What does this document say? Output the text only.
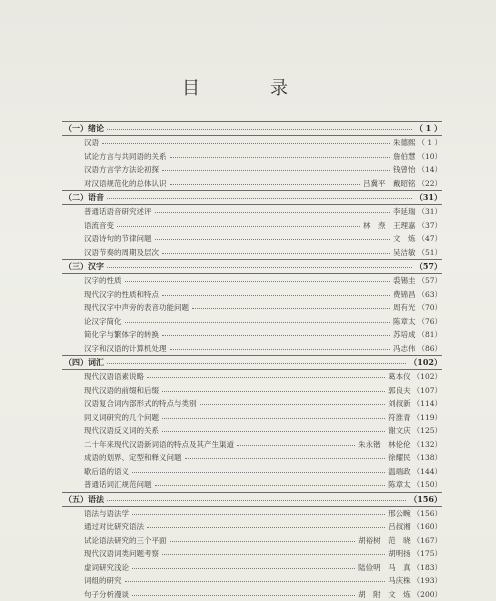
目　录
（一）绪论	（ 1 ）
汉语	朱德熙 （ 1 ）
试论方言与共同语的关系	詹伯慧 （10）
汉语方言学方法论初探	钱曾怡 （14）
对汉语规范化的总体认识	吕冀平　戴昭铭 （22）
（二）语音	（31）
普通话语音研究述评	李延瑞 （31）
语流音变	林　焘　王理嘉 （37）
汉语诗句的节律问题	文　炼 （47）
汉语节奏的周期及层次	吴洁敏 （51）
（三）汉字	（57）
汉字的性质	裘锡圭 （57）
现代汉字的性质和特点	费锦昌 （63）
现代汉字中声旁的表音功能问题	周有光 （70）
论汉字简化	陈章太 （76）
简化字与繁体字的转换	苏培成 （81）
汉字和汉语的计算机处理	冯志伟 （86）
（四）词汇	（102）
现代汉语语素说略	葛本仪 （102）
现代汉语的前缀和后缀	郭良夫 （107）
汉语复合词内部形式的特点与类别	刘叔新 （114）
同义词研究的几个问题	符淮青 （119）
现代汉语反义词的关系	谢文庆 （125）
二十年来现代汉语新词语的特点及其产生渠道	朱永锴　林伦伦 （132）
成语的划界、定型和释义问题	徐耀民 （138）
歇后语的语义	温端政 （144）
普通话词汇规范问题	陈章太 （150）
（五）语法	（156）
语法与语法学	邢公畹 （156）
通过对比研究语法	吕叔湘 （160）
试论语法研究的三个平面	胡裕树　范　晓 （167）
现代汉语词类问题考察	胡明扬 （175）
虚词研究浅论	陆俭明　马　真 （183）
词组的研究	马庆株 （193）
句子分析漫谈	胡　附　文　炼 （200）
